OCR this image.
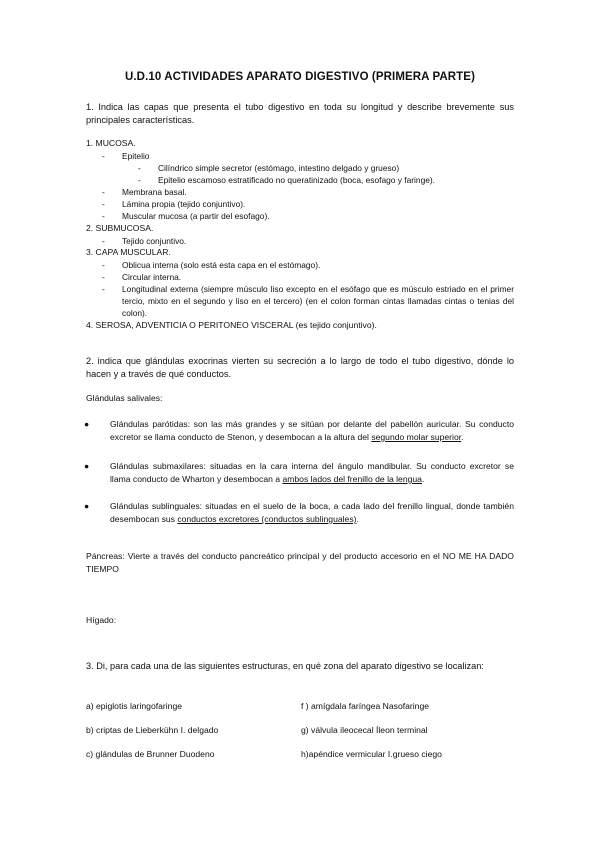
U.D.10 ACTIVIDADES APARATO DIGESTIVO (PRIMERA PARTE)
1. Indica las capas que presenta el tubo digestivo en toda su longitud y describe brevemente sus principales características.
1. MUCOSA.
- Epitelio
- Cilíndrico simple secretor (estómago, intestino delgado y grueso)
- Epitelio escamoso estratificado no queratinizado (boca, esofago y faringe).
- Membrana basal.
- Lámina propia (tejido conjuntivo).
- Muscular mucosa (a partir del esofago).
2. SUBMUCOSA.
- Tejido conjuntivo.
3. CAPA MUSCULAR.
- Oblicua interna (solo está esta capa en el estómago).
- Circular interna.
- Longitudinal externa (siempre músculo liso excepto en el esófago que es músculo estriado en el primer tercio, mixto en el segundo y liso en el tercero) (en el colon forman cintas llamadas cintas o tenias del colon).
4. SEROSA, ADVENTICIA O PERITONEO VISCERAL (es tejido conjuntivo).
2. indica que glándulas exocrinas vierten su secreción a lo largo de todo el tubo digestivo, dónde lo hacen y a través de qué conductos.
Glándulas salivales:
● Glándulas parótidas: son las más grandes y se sitúan por delante del pabellón auricular. Su conducto excretor se llama conducto de Stenon, y desembocan a la altura del segundo molar superior.
● Glándulas submaxilares: situadas en la cara interna del ángulo mandibular. Su conducto excretor se llama conducto de Wharton y desembocan a ambos lados del frenillo de la lengua.
● Glándulas sublinguales: situadas en el suelo de la boca, a cada lado del frenillo lingual, donde también desembocan sus conductos excretores (conductos sublinguales).
Páncreas: Vierte a través del conducto pancreático principal y del producto accesorio en el NO ME HA DADO TIEMPO
Hígado:
3. Di, para cada una de las siguientes estructuras, en qué zona del aparato digestivo se localizan:
a) epiglotis laringofaringe	f ) amígdala faríngea Nasofaringe
b) criptas de Lieberkühn I. delgado	g) válvula ileocecal Íleon terminal
c) glándulas de Brunner Duodeno	h)apéndice vermicular I.grueso ciego
